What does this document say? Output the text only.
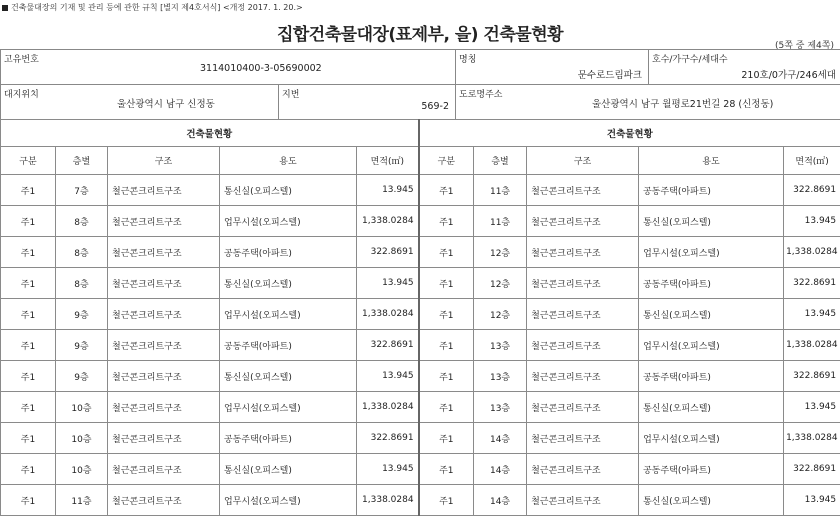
건축물대장의 기재 및 관리 등에 관한 규칙 [별지 제4호서식] <개정 2017. 1. 20.>
집합건축물대장(표제부, 을) 건축물현황
(5쪽 중 제4쪽)
고유번호
3114010400-3-05690002

명칭
문수로드림파크

호수/가구수/세대수
210호/0가구/246세대
대지위치
울산광역시 남구 신정동

지번
569-2

도로명주소
울산광역시 남구 월평로21번길 28 (신정동)
건축물현황					건축물현황				
구분	층별	구조	용도	면적(㎡)	구분	층별	구조	용도	면적(㎡)
주1	7층	철근콘크리트구조	통신실(오피스텔)	13.945	주1	11층	철근콘크리트구조	공동주택(아파트)	322.8691
주1	8층	철근콘크리트구조	업무시설(오피스텔)	1,338.0284	주1	11층	철근콘크리트구조	통신실(오피스텔)	13.945
주1	8층	철근콘크리트구조	공동주택(아파트)	322.8691	주1	12층	철근콘크리트구조	업무시설(오피스텔)	1,338.0284
주1	8층	철근콘크리트구조	통신실(오피스텔)	13.945	주1	12층	철근콘크리트구조	공동주택(아파트)	322.8691
주1	9층	철근콘크리트구조	업무시설(오피스텔)	1,338.0284	주1	12층	철근콘크리트구조	통신실(오피스텔)	13.945
주1	9층	철근콘크리트구조	공동주택(아파트)	322.8691	주1	13층	철근콘크리트구조	업무시설(오피스텔)	1,338.0284
주1	9층	철근콘크리트구조	통신실(오피스텔)	13.945	주1	13층	철근콘크리트구조	공동주택(아파트)	322.8691
주1	10층	철근콘크리트구조	업무시설(오피스텔)	1,338.0284	주1	13층	철근콘크리트구조	통신실(오피스텔)	13.945
주1	10층	철근콘크리트구조	공동주택(아파트)	322.8691	주1	14층	철근콘크리트구조	업무시설(오피스텔)	1,338.0284
주1	10층	철근콘크리트구조	통신실(오피스텔)	13.945	주1	14층	철근콘크리트구조	공동주택(아파트)	322.8691
주1	11층	철근콘크리트구조	업무시설(오피스텔)	1,338.0284	주1	14층	철근콘크리트구조	통신실(오피스텔)	13.945
